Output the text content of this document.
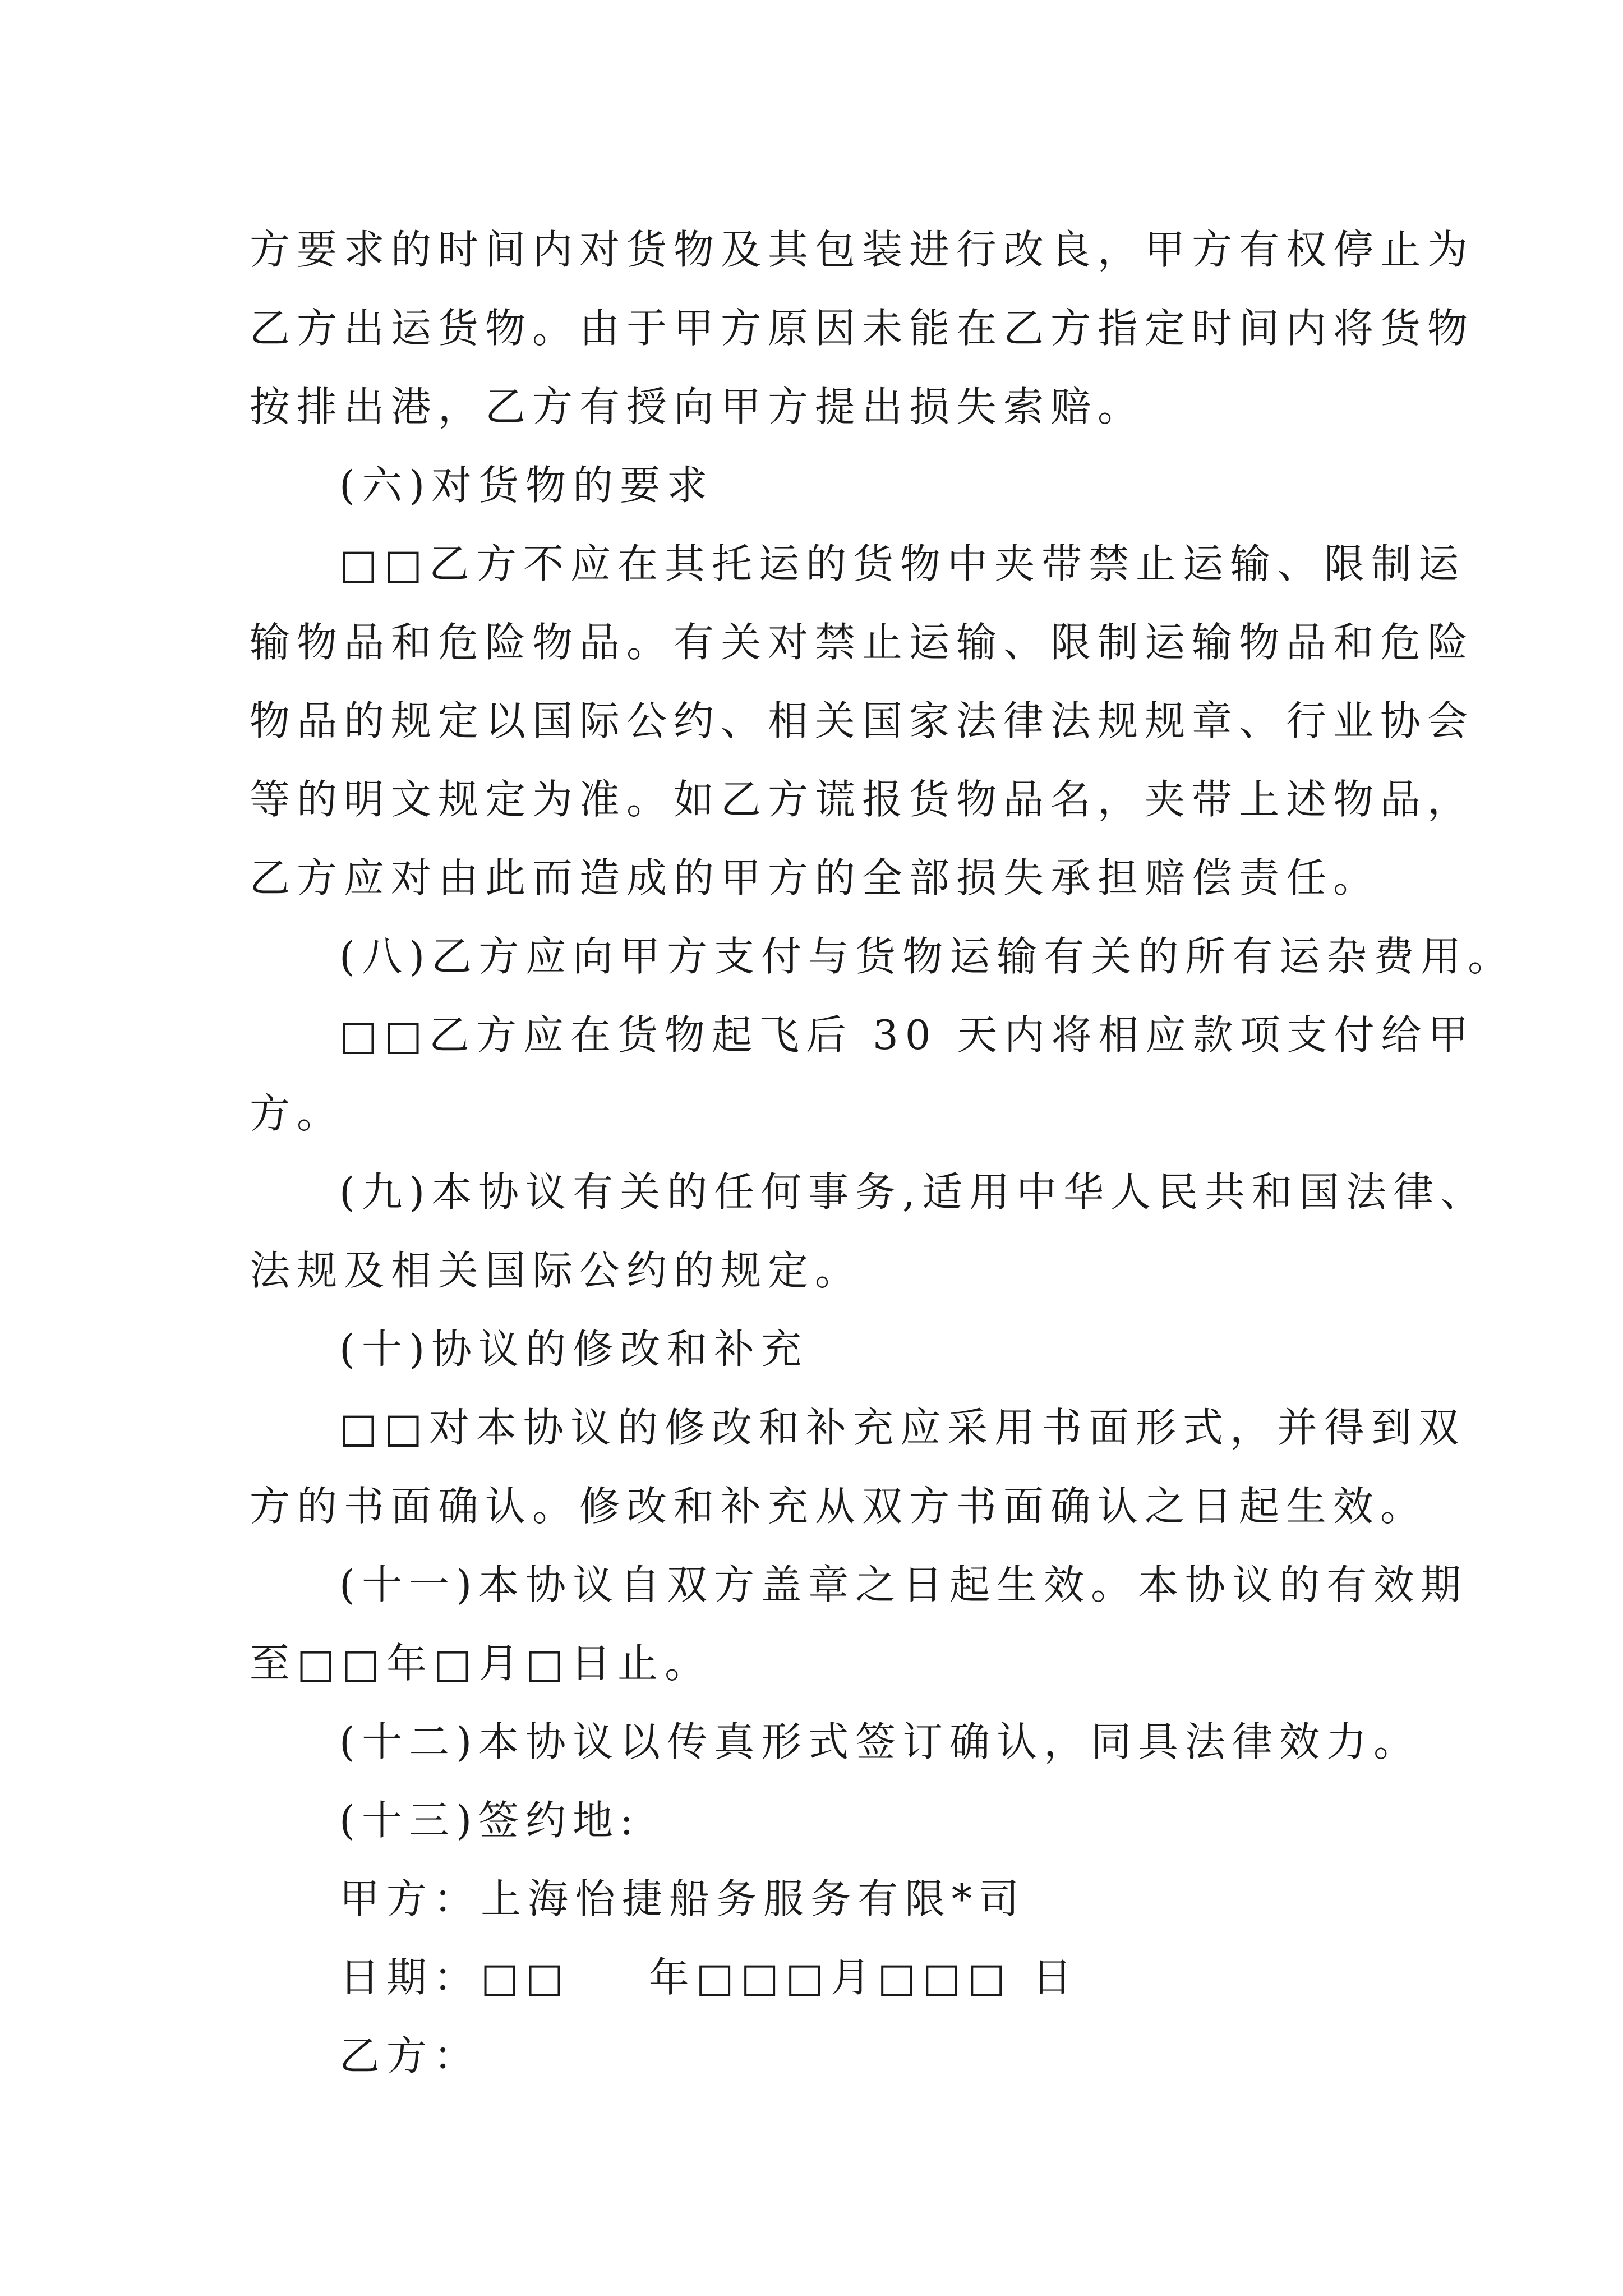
方要求的时间内对货物及其包装进行改良，甲方有权停止为
乙方出运货物。由于甲方原因未能在乙方指定时间内将货物
按排出港，乙方有授向甲方提出损失索赔。
(六)对货物的要求
□□乙方不应在其托运的货物中夹带禁止运输、限制运
输物品和危险物品。有关对禁止运输、限制运输物品和危险
物品的规定以国际公约、相关国家法律法规规章、行业协会
等的明文规定为准。如乙方谎报货物品名，夹带上述物品，
乙方应对由此而造成的甲方的全部损失承担赔偿责任。
(八)乙方应向甲方支付与货物运输有关的所有运杂费用。
□□乙方应在货物起飞后 30 天内将相应款项支付给甲
方。
(九)本协议有关的任何事务,适用中华人民共和国法律、
法规及相关国际公约的规定。
(十)协议的修改和补充
□□对本协议的修改和补充应采用书面形式，并得到双
方的书面确认。修改和补充从双方书面确认之日起生效。
(十一)本协议自双方盖章之日起生效。本协议的有效期
至□□年□月□日止。
(十二)本协议以传真形式签订确认，同具法律效力。
(十三)签约地:
甲方：上海怡捷船务服务有限*司
日期：□□    年□□□月□□□ 日
乙方：
